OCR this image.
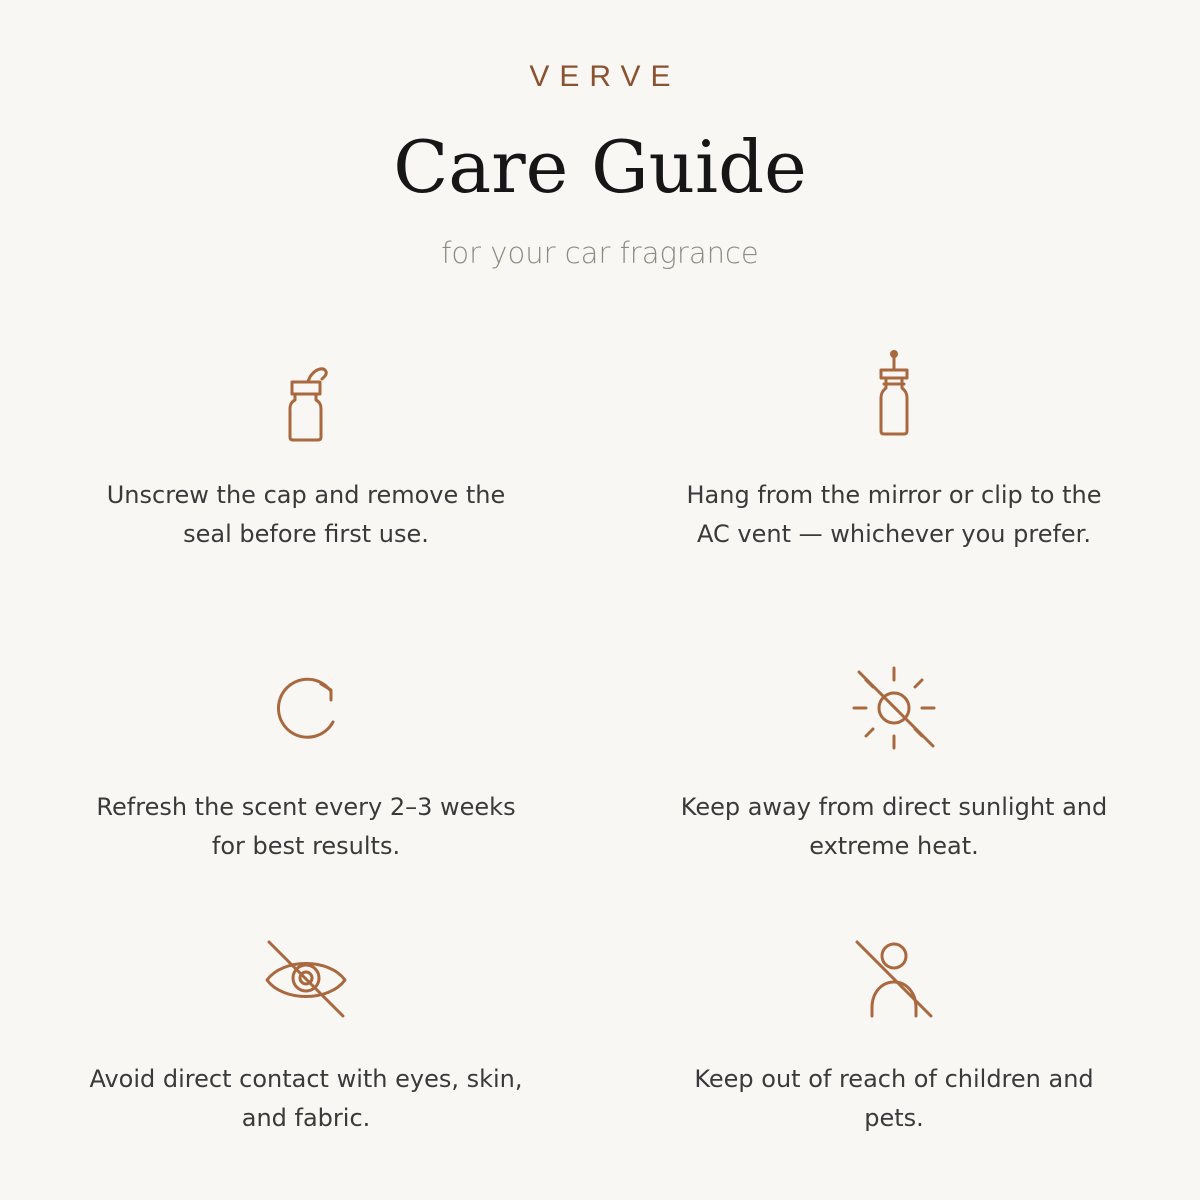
VERVE
Care Guide
for your car fragrance
Unscrew the cap and remove the seal before first use.
Hang from the mirror or clip to the AC vent — whichever you prefer.
Refresh the scent every 2–3 weeks for best results.
Keep away from direct sunlight and extreme heat.
Avoid direct contact with eyes, skin, and fabric.
Keep out of reach of children and pets.
